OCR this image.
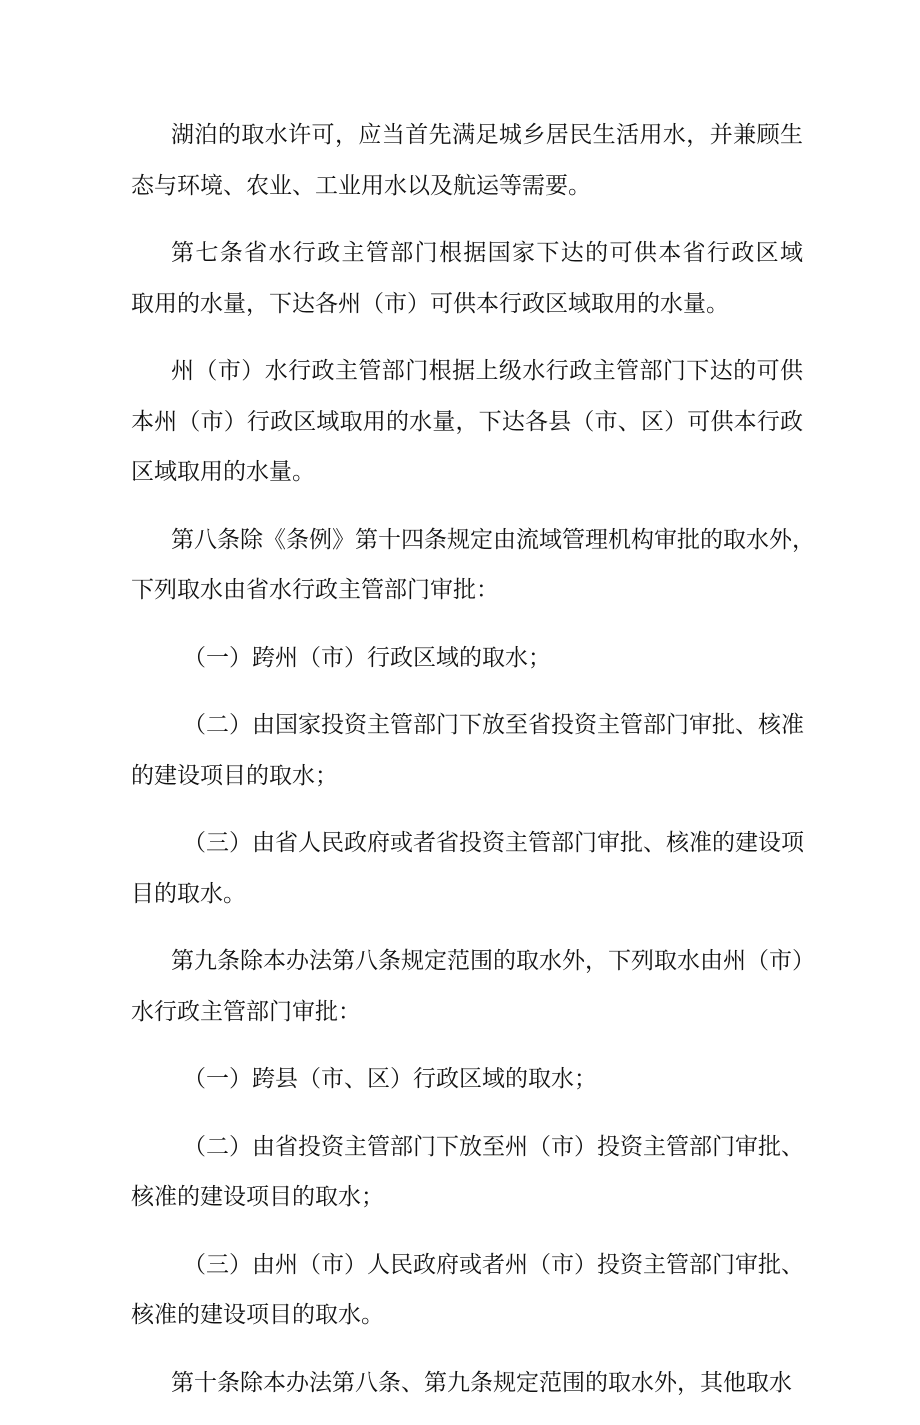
湖泊的取水许可，应当首先满足城乡居民生活用水，并兼顾生
态与环境、农业、工业用水以及航运等需要。

第七条省水行政主管部门根据国家下达的可供本省行政区域
取用的水量，下达各州（市）可供本行政区域取用的水量。

州（市）水行政主管部门根据上级水行政主管部门下达的可供
本州（市）行政区域取用的水量，下达各县（市、区）可供本行政
区域取用的水量。

第八条除《条例》第十四条规定由流域管理机构审批的取水外，
下列取水由省水行政主管部门审批：

（一）跨州（市）行政区域的取水；

（二）由国家投资主管部门下放至省投资主管部门审批、核准
的建设项目的取水；

（三）由省人民政府或者省投资主管部门审批、核准的建设项
目的取水。

第九条除本办法第八条规定范围的取水外，下列取水由州（市）
水行政主管部门审批：

（一）跨县（市、区）行政区域的取水；

（二）由省投资主管部门下放至州（市）投资主管部门审批、
核准的建设项目的取水；

（三）由州（市）人民政府或者州（市）投资主管部门审批、
核准的建设项目的取水。

第十条除本办法第八条、第九条规定范围的取水外，其他取水
